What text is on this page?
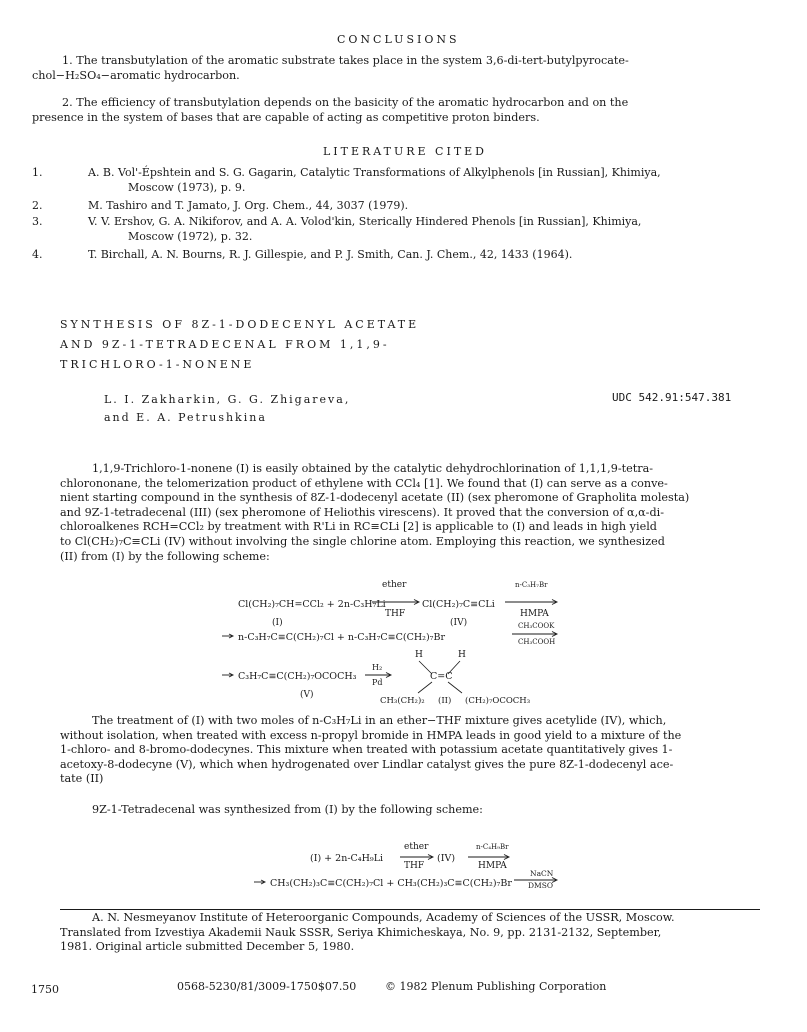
CONCLUSIONS
1. The transbutylation of the aromatic substrate takes place in the system 3,6-di-tert-butylpyrocate-
chol−H₂SO₄−aromatic hydrocarbon.
2. The efficiency of transbutylation depends on the basicity of the aromatic hydrocarbon and on the
presence in the system of bases that are capable of acting as competitive proton binders.
LITERATURE CITED
1.	A. B. Vol'-Épshtein and S. G. Gagarin, Catalytic Transformations of Alkylphenols [in Russian], Khimiya,
Moscow (1973), p. 9.
2.	M. Tashiro and T. Jamato, J. Org. Chem., 44, 3037 (1979).
3.	V. V. Ershov, G. A. Nikiforov, and A. A. Volod'kin, Sterically Hindered Phenols [in Russian], Khimiya,
Moscow (1972), p. 32.
4.	T. Birchall, A. N. Bourns, R. J. Gillespie, and P. J. Smith, Can. J. Chem., 42, 1433 (1964).
SYNTHESIS OF 8Z-1-DODECENYL ACETATE
AND 9Z-1-TETRADECENAL FROM 1,1,9-
TRICHLORO-1-NONENE
L. I. Zakharkin, G. G. Zhigareva,
and E. A. Petrushkina
UDC 542.91:547.381
1,1,9-Trichloro-1-nonene (I) is easily obtained by the catalytic dehydrochlorination of 1,1,1,9-tetra-
chlorononane, the telomerization product of ethylene with CCl₄ [1]. We found that (I) can serve as a conve-
nient starting compound in the synthesis of 8Z-1-dodecenyl acetate (II) (sex pheromone of Grapholita molesta)
and 9Z-1-tetradecenal (III) (sex pheromone of Heliothis virescens). It proved that the conversion of α,α-di-
chloroalkenes RCH=CCl₂ by treatment with R'Li in RC≡CLi [2] is applicable to (I) and leads in high yield
to Cl(CH₂)₇C≡CLi (IV) without involving the single chlorine atom. Employing this reaction, we synthesized
(II) from (I) by the following scheme:
Cl(CH₂)₇CH=CCl₂ + 2n-C₃H₇Li
(I)
ether
THF
Cl(CH₂)₇C≡CLi
(IV)
n-C₃H₇Br
HMPA
n-C₃H₇C≡C(CH₂)₇Cl + n-C₃H₇C≡C(CH₂)₇Br
CH₃COOK
CH₃COOH
H	H
C₃H₇C≡C(CH₂)₇OCOCH₃
(V)
H₂
Pd
C=C
CH₃(CH₂)₂ (II) (CH₂)₇OCOCH₃
The treatment of (I) with two moles of n-C₃H₇Li in an ether−THF mixture gives acetylide (IV), which,
without isolation, when treated with excess n-propyl bromide in HMPA leads in good yield to a mixture of the
1-chloro- and 8-bromo-dodecynes. This mixture when treated with potassium acetate quantitatively gives 1-
acetoxy-8-dodecyne (V), which when hydrogenated over Lindlar catalyst gives the pure 8Z-1-dodecenyl ace-
tate (II)
9Z-1-Tetradecenal was synthesized from (I) by the following scheme:
(I) + 2n-C₄H₉Li
ether
THF
(IV)
n-C₄H₉Br
HMPA
CH₃(CH₂)₃C≡C(CH₂)₇Cl + CH₃(CH₂)₃C≡C(CH₂)₇Br
NaCN
DMSO
A. N. Nesmeyanov Institute of Heteroorganic Compounds, Academy of Sciences of the USSR, Moscow.
Translated from Izvestiya Akademii Nauk SSSR, Seriya Khimicheskaya, No. 9, pp. 2131-2132, September,
1981. Original article submitted December 5, 1980.
1750	0568-5230/81/3009-1750$07.50	© 1982 Plenum Publishing Corporation
